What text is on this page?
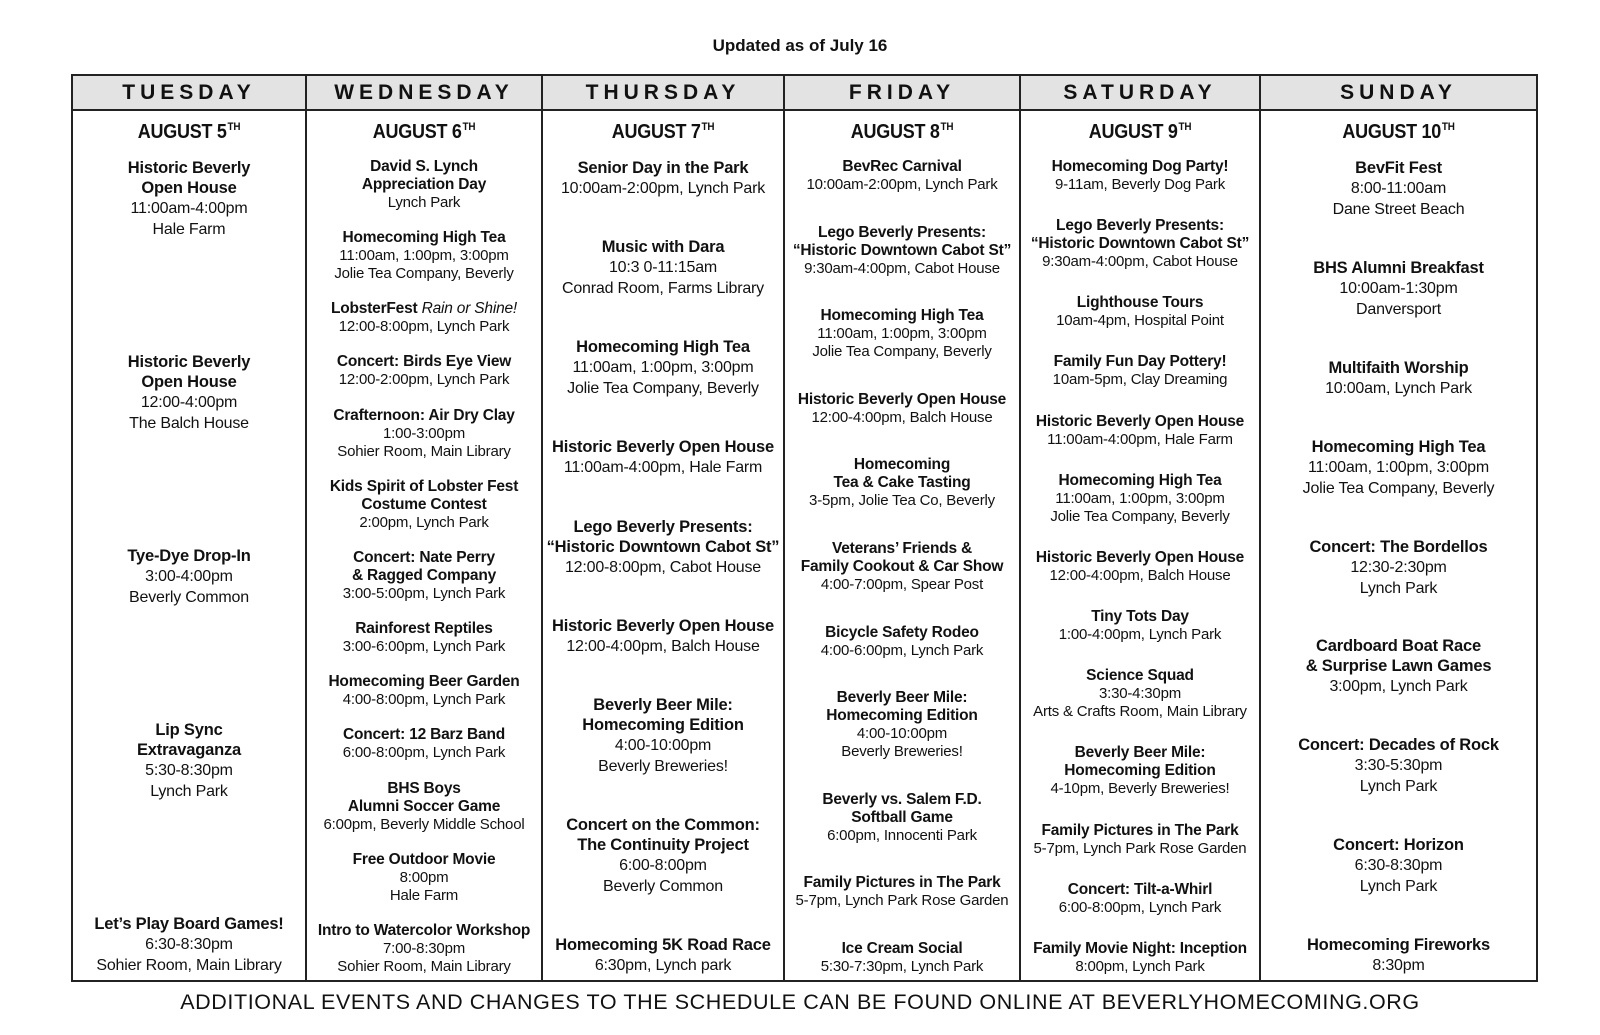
Updated as of July 16
TUESDAY
AUGUST 5TH
Historic Beverly
Open House
11:00am-4:00pm
Hale Farm
Historic Beverly
Open House
12:00-4:00pm
The Balch House
Tye-Dye Drop-In
3:00-4:00pm
Beverly Common
Lip Sync
Extravaganza
5:30-8:30pm
Lynch Park
Let’s Play Board Games!
6:30-8:30pm
Sohier Room, Main Library
WEDNESDAY
AUGUST 6TH
David S. Lynch
Appreciation Day
Lynch Park
Homecoming High Tea
11:00am, 1:00pm, 3:00pm
Jolie Tea Company, Beverly
LobsterFest Rain or Shine!
12:00-8:00pm, Lynch Park
Concert: Birds Eye View
12:00-2:00pm, Lynch Park
Crafternoon: Air Dry Clay
1:00-3:00pm
Sohier Room, Main Library
Kids Spirit of Lobster Fest
Costume Contest
2:00pm, Lynch Park
Concert: Nate Perry
& Ragged Company
3:00-5:00pm, Lynch Park
Rainforest Reptiles
3:00-6:00pm, Lynch Park
Homecoming Beer Garden
4:00-8:00pm, Lynch Park
Concert: 12 Barz Band
6:00-8:00pm, Lynch Park
BHS Boys
Alumni Soccer Game
6:00pm, Beverly Middle School
Free Outdoor Movie
8:00pm
Hale Farm
Intro to Watercolor Workshop
7:00-8:30pm
Sohier Room, Main Library
THURSDAY
AUGUST 7TH
Senior Day in the Park
10:00am-2:00pm, Lynch Park
Music with Dara
10:3 0-11:15am
Conrad Room, Farms Library
Homecoming High Tea
11:00am, 1:00pm, 3:00pm
Jolie Tea Company, Beverly
Historic Beverly Open House
11:00am-4:00pm, Hale Farm
Lego Beverly Presents:
“Historic Downtown Cabot St”
12:00-8:00pm, Cabot House
Historic Beverly Open House
12:00-4:00pm, Balch House
Beverly Beer Mile:
Homecoming Edition
4:00-10:00pm
Beverly Breweries!
Concert on the Common:
The Continuity Project
6:00-8:00pm
Beverly Common
Homecoming 5K Road Race
6:30pm, Lynch park
FRIDAY
AUGUST 8TH
BevRec Carnival
10:00am-2:00pm, Lynch Park
Lego Beverly Presents:
“Historic Downtown Cabot St”
9:30am-4:00pm, Cabot House
Homecoming High Tea
11:00am, 1:00pm, 3:00pm
Jolie Tea Company, Beverly
Historic Beverly Open House
12:00-4:00pm, Balch House
Homecoming
Tea & Cake Tasting
3-5pm, Jolie Tea Co, Beverly
Veterans’ Friends &
Family Cookout & Car Show
4:00-7:00pm, Spear Post
Bicycle Safety Rodeo
4:00-6:00pm, Lynch Park
Beverly Beer Mile:
Homecoming Edition
4:00-10:00pm
Beverly Breweries!
Beverly vs. Salem F.D.
Softball Game
6:00pm, Innocenti Park
Family Pictures in The Park
5-7pm, Lynch Park Rose Garden
Ice Cream Social
5:30-7:30pm, Lynch Park
SATURDAY
AUGUST 9TH
Homecoming Dog Party!
9-11am, Beverly Dog Park
Lego Beverly Presents:
“Historic Downtown Cabot St”
9:30am-4:00pm, Cabot House
Lighthouse Tours
10am-4pm, Hospital Point
Family Fun Day Pottery!
10am-5pm, Clay Dreaming
Historic Beverly Open House
11:00am-4:00pm, Hale Farm
Homecoming High Tea
11:00am, 1:00pm, 3:00pm
Jolie Tea Company, Beverly
Historic Beverly Open House
12:00-4:00pm, Balch House
Tiny Tots Day
1:00-4:00pm, Lynch Park
Science Squad
3:30-4:30pm
Arts & Crafts Room, Main Library
Beverly Beer Mile:
Homecoming Edition
4-10pm, Beverly Breweries!
Family Pictures in The Park
5-7pm, Lynch Park Rose Garden
Concert: Tilt-a-Whirl
6:00-8:00pm, Lynch Park
Family Movie Night: Inception
8:00pm, Lynch Park
SUNDAY
AUGUST 10TH
BevFit Fest
8:00-11:00am
Dane Street Beach
BHS Alumni Breakfast
10:00am-1:30pm
Danversport
Multifaith Worship
10:00am, Lynch Park
Homecoming High Tea
11:00am, 1:00pm, 3:00pm
Jolie Tea Company, Beverly
Concert: The Bordellos
12:30-2:30pm
Lynch Park
Cardboard Boat Race
& Surprise Lawn Games
3:00pm, Lynch Park
Concert: Decades of Rock
3:30-5:30pm
Lynch Park
Concert: Horizon
6:30-8:30pm
Lynch Park
Homecoming Fireworks
8:30pm
ADDITIONAL EVENTS AND CHANGES TO THE SCHEDULE CAN BE FOUND ONLINE AT BEVERLYHOMECOMING.ORG
